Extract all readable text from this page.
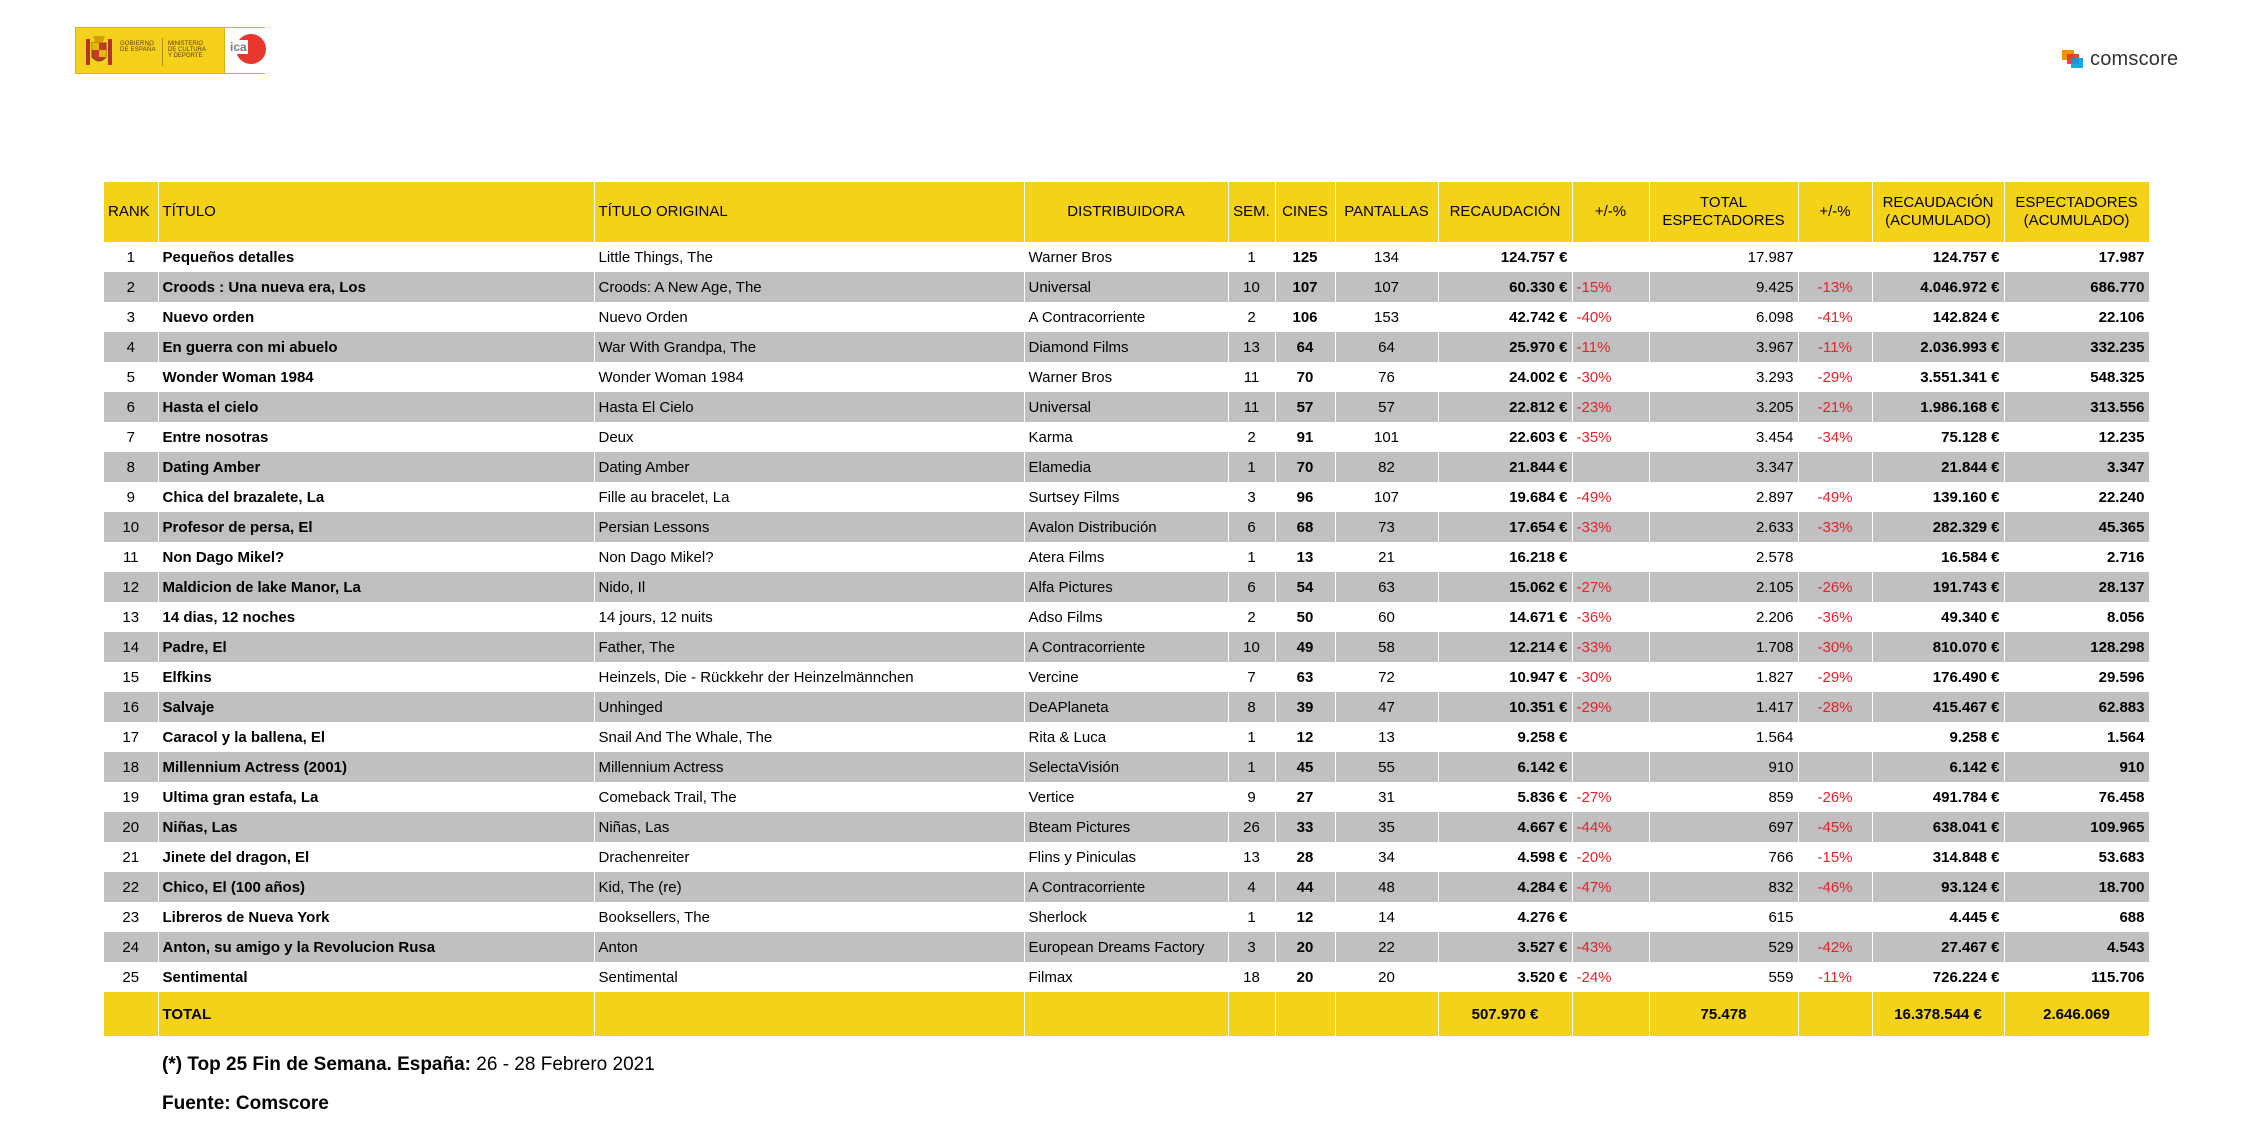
GOBIERNO
DE ESPAÑA
MINISTERIO
DE CULTURA
Y DEPORTE
ica
comscore
RANK	TÍTULO	TÍTULO ORIGINAL	DISTRIBUIDORA	SEM.	CINES	PANTALLAS	RECAUDACIÓN	+/-%	TOTAL ESPECTADORES	+/-%	RECAUDACIÓN (ACUMULADO)	ESPECTADORES (ACUMULADO)
1	Pequeños detalles	Little Things, The	Warner Bros	1	125	134	124.757 €		17.987		124.757 €	17.987
2	Croods : Una nueva era, Los	Croods: A New Age, The	Universal	10	107	107	60.330 €	-15%	9.425	-13%	4.046.972 €	686.770
3	Nuevo orden	Nuevo Orden	A Contracorriente	2	106	153	42.742 €	-40%	6.098	-41%	142.824 €	22.106
4	En guerra con mi abuelo	War With Grandpa, The	Diamond Films	13	64	64	25.970 €	-11%	3.967	-11%	2.036.993 €	332.235
5	Wonder Woman 1984	Wonder Woman 1984	Warner Bros	11	70	76	24.002 €	-30%	3.293	-29%	3.551.341 €	548.325
6	Hasta el cielo	Hasta El Cielo	Universal	11	57	57	22.812 €	-23%	3.205	-21%	1.986.168 €	313.556
7	Entre nosotras	Deux	Karma	2	91	101	22.603 €	-35%	3.454	-34%	75.128 €	12.235
8	Dating Amber	Dating Amber	Elamedia	1	70	82	21.844 €		3.347		21.844 €	3.347
9	Chica del brazalete, La	Fille au bracelet, La	Surtsey Films	3	96	107	19.684 €	-49%	2.897	-49%	139.160 €	22.240
10	Profesor de persa, El	Persian Lessons	Avalon Distribución	6	68	73	17.654 €	-33%	2.633	-33%	282.329 €	45.365
11	Non Dago Mikel?	Non Dago Mikel?	Atera Films	1	13	21	16.218 €		2.578		16.584 €	2.716
12	Maldicion de lake Manor, La	Nido, Il	Alfa Pictures	6	54	63	15.062 €	-27%	2.105	-26%	191.743 €	28.137
13	14 dias, 12 noches	14 jours, 12 nuits	Adso Films	2	50	60	14.671 €	-36%	2.206	-36%	49.340 €	8.056
14	Padre, El	Father, The	A Contracorriente	10	49	58	12.214 €	-33%	1.708	-30%	810.070 €	128.298
15	Elfkins	Heinzels, Die - Rückkehr der Heinzelmännchen	Vercine	7	63	72	10.947 €	-30%	1.827	-29%	176.490 €	29.596
16	Salvaje	Unhinged	DeAPlaneta	8	39	47	10.351 €	-29%	1.417	-28%	415.467 €	62.883
17	Caracol y la ballena, El	Snail And The Whale, The	Rita & Luca	1	12	13	9.258 €		1.564		9.258 €	1.564
18	Millennium Actress (2001)	Millennium Actress	SelectaVisión	1	45	55	6.142 €		910		6.142 €	910
19	Ultima gran estafa, La	Comeback Trail, The	Vertice	9	27	31	5.836 €	-27%	859	-26%	491.784 €	76.458
20	Niñas, Las	Niñas, Las	Bteam Pictures	26	33	35	4.667 €	-44%	697	-45%	638.041 €	109.965
21	Jinete del dragon, El	Drachenreiter	Flins y Piniculas	13	28	34	4.598 €	-20%	766	-15%	314.848 €	53.683
22	Chico, El (100 años)	Kid, The (re)	A Contracorriente	4	44	48	4.284 €	-47%	832	-46%	93.124 €	18.700
23	Libreros de Nueva York	Booksellers, The	Sherlock	1	12	14	4.276 €		615		4.445 €	688
24	Anton, su amigo y la Revolucion Rusa	Anton	European Dreams Factory	3	20	22	3.527 €	-43%	529	-42%	27.467 €	4.543
25	Sentimental	Sentimental	Filmax	18	20	20	3.520 €	-24%	559	-11%	726.224 €	115.706
	TOTAL						507.970 €		75.478		16.378.544 €	2.646.069
(*) Top 25 Fin de Semana. España: 26 - 28 Febrero 2021
Fuente: Comscore
